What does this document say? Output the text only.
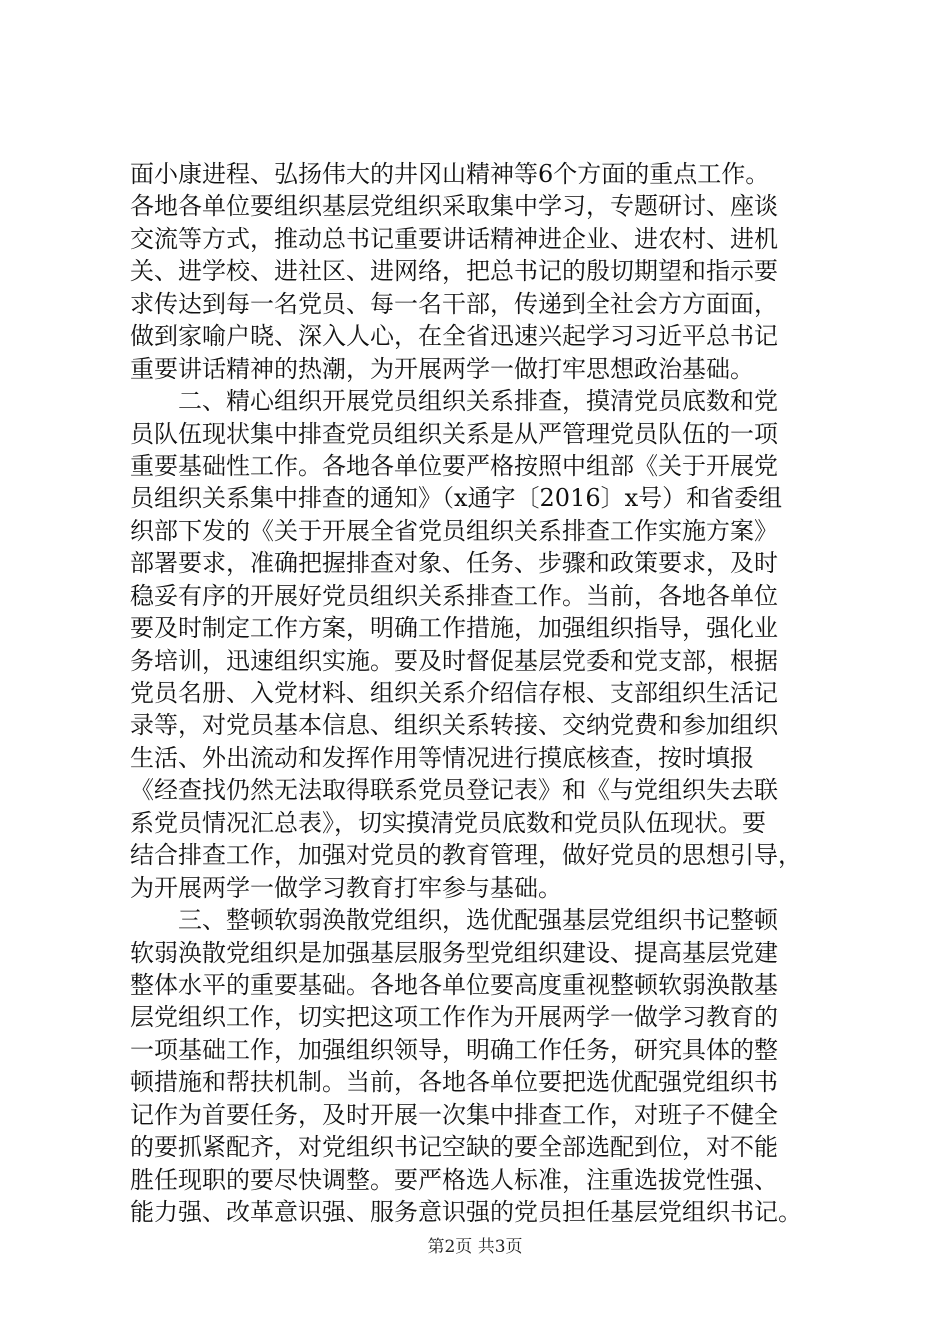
面小康进程、弘扬伟大的井冈山精神等6个方面的重点工作。
各地各单位要组织基层党组织采取集中学习，专题研讨、座谈
交流等方式，推动总书记重要讲话精神进企业、进农村、进机
关、进学校、进社区、进网络，把总书记的殷切期望和指示要
求传达到每一名党员、每一名干部，传递到全社会方方面面，
做到家喻户晓、深入人心，在全省迅速兴起学习习近平总书记
重要讲话精神的热潮，为开展两学一做打牢思想政治基础。
　　二、精心组织开展党员组织关系排查，摸清党员底数和党
员队伍现状集中排查党员组织关系是从严管理党员队伍的一项
重要基础性工作。各地各单位要严格按照中组部《关于开展党
员组织关系集中排查的通知》（x通字〔2016〕x号）和省委组
织部下发的《关于开展全省党员组织关系排查工作实施方案》
部署要求，准确把握排查对象、任务、步骤和政策要求，及时
稳妥有序的开展好党员组织关系排查工作。当前，各地各单位
要及时制定工作方案，明确工作措施，加强组织指导，强化业
务培训，迅速组织实施。要及时督促基层党委和党支部，根据
党员名册、入党材料、组织关系介绍信存根、支部组织生活记
录等，对党员基本信息、组织关系转接、交纳党费和参加组织
生活、外出流动和发挥作用等情况进行摸底核查，按时填报
《经查找仍然无法取得联系党员登记表》和《与党组织失去联
系党员情况汇总表》，切实摸清党员底数和党员队伍现状。要
结合排查工作，加强对党员的教育管理，做好党员的思想引导，
为开展两学一做学习教育打牢参与基础。
　　三、整顿软弱涣散党组织，选优配强基层党组织书记整顿
软弱涣散党组织是加强基层服务型党组织建设、提高基层党建
整体水平的重要基础。各地各单位要高度重视整顿软弱涣散基
层党组织工作，切实把这项工作作为开展两学一做学习教育的
一项基础工作，加强组织领导，明确工作任务，研究具体的整
顿措施和帮扶机制。当前，各地各单位要把选优配强党组织书
记作为首要任务，及时开展一次集中排查工作，对班子不健全
的要抓紧配齐，对党组织书记空缺的要全部选配到位，对不能
胜任现职的要尽快调整。要严格选人标准，注重选拔党性强、
能力强、改革意识强、服务意识强的党员担任基层党组织书记。
第2页 共3页
